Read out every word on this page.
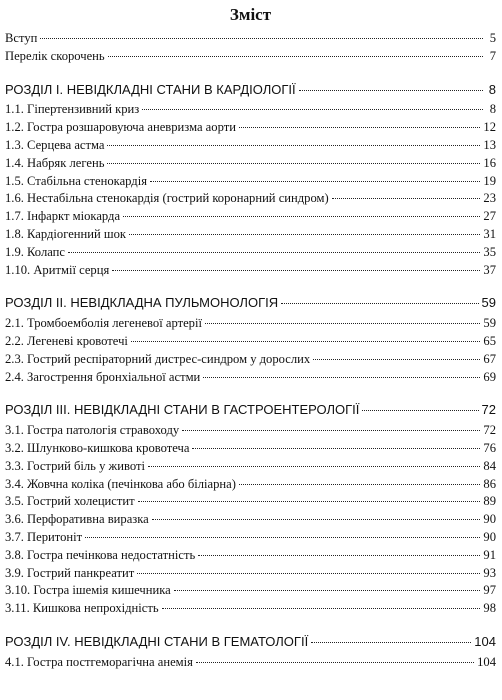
Зміст
Вступ	5
Перелік скорочень	7
РОЗДІЛ І. НЕВІДКЛАДНІ СТАНИ В КАРДІОЛОГІЇ	8
1.1. Гіпертензивний криз	8
1.2. Гостра розшаровуюча аневризма аорти	12
1.3. Серцева астма	13
1.4. Набряк легень	16
1.5. Стабільна стенокардія	19
1.6. Нестабільна стенокардія (гострий коронарний синдром)	23
1.7. Інфаркт міокарда	27
1.8. Кардіогенний шок	31
1.9. Колапс	35
1.10. Аритмії серця	37
РОЗДІЛ ІІ. НЕВІДКЛАДНА ПУЛЬМОНОЛОГІЯ	59
2.1. Тромбоемболія легеневої артерії	59
2.2. Легеневі кровотечі	65
2.3. Гострий респіраторний дистрес-синдром у дорослих	67
2.4. Загострення бронхіальної астми	69
РОЗДІЛ ІІІ. НЕВІДКЛАДНІ СТАНИ В ГАСТРОЕНТЕРОЛОГІЇ	72
3.1. Гостра патологія стравоходу	72
3.2. Шлунково-кишкова кровотеча	76
3.3. Гострий біль у животі	84
3.4. Жовчна коліка (печінкова або біліарна)	86
3.5. Гострий холецистит	89
3.6. Перфоративна виразка	90
3.7. Перитоніт	90
3.8. Гостра печінкова недостатність	91
3.9. Гострий панкреатит	93
3.10. Гостра ішемія кишечника	97
3.11. Кишкова непрохідність	98
РОЗДІЛ IV. НЕВІДКЛАДНІ СТАНИ В ГЕМАТОЛОГІЇ	104
4.1. Гостра постгеморагічна анемія	104
